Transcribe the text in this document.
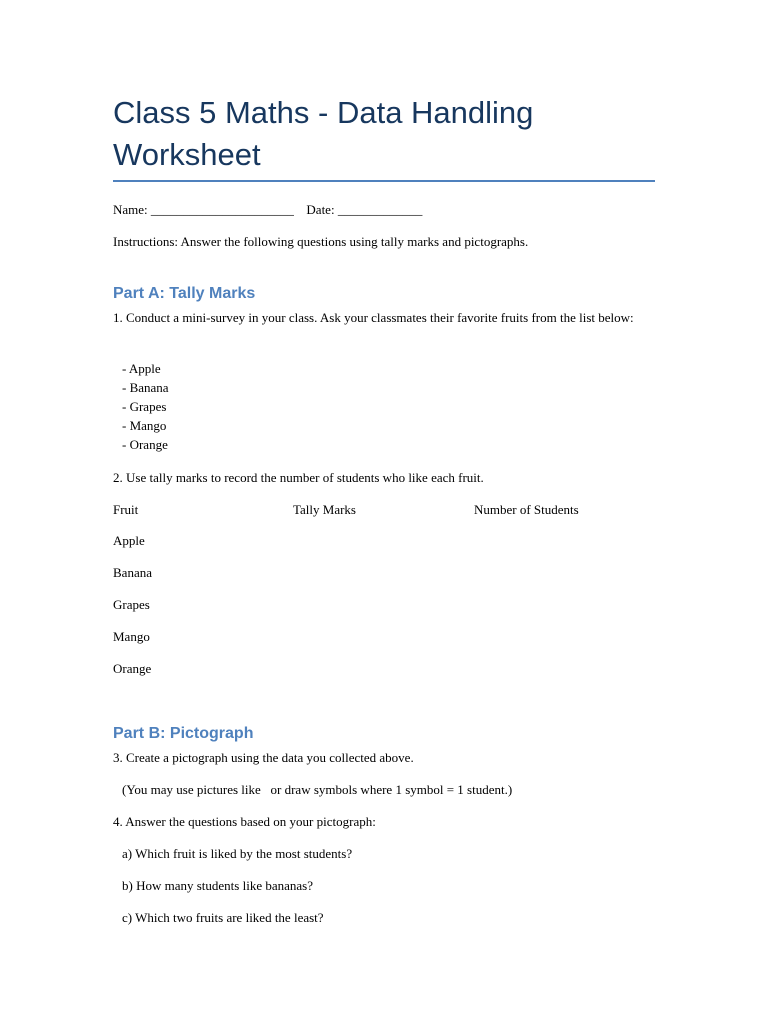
Class 5 Maths - Data Handling Worksheet
Name: ______________________ Date: _____________
Instructions: Answer the following questions using tally marks and pictographs.
Part A: Tally Marks
1. Conduct a mini-survey in your class. Ask your classmates their favorite fruits from the list below:
- Apple
- Banana
- Grapes
- Mango
- Orange
2. Use tally marks to record the number of students who like each fruit.
Fruit	Tally Marks	Number of Students
Apple
Banana
Grapes
Mango
Orange
Part B: Pictograph
3. Create a pictograph using the data you collected above.
(You may use pictures like   or draw symbols where 1 symbol = 1 student.)
4. Answer the questions based on your pictograph:
a) Which fruit is liked by the most students?
b) How many students like bananas?
c) Which two fruits are liked the least?
